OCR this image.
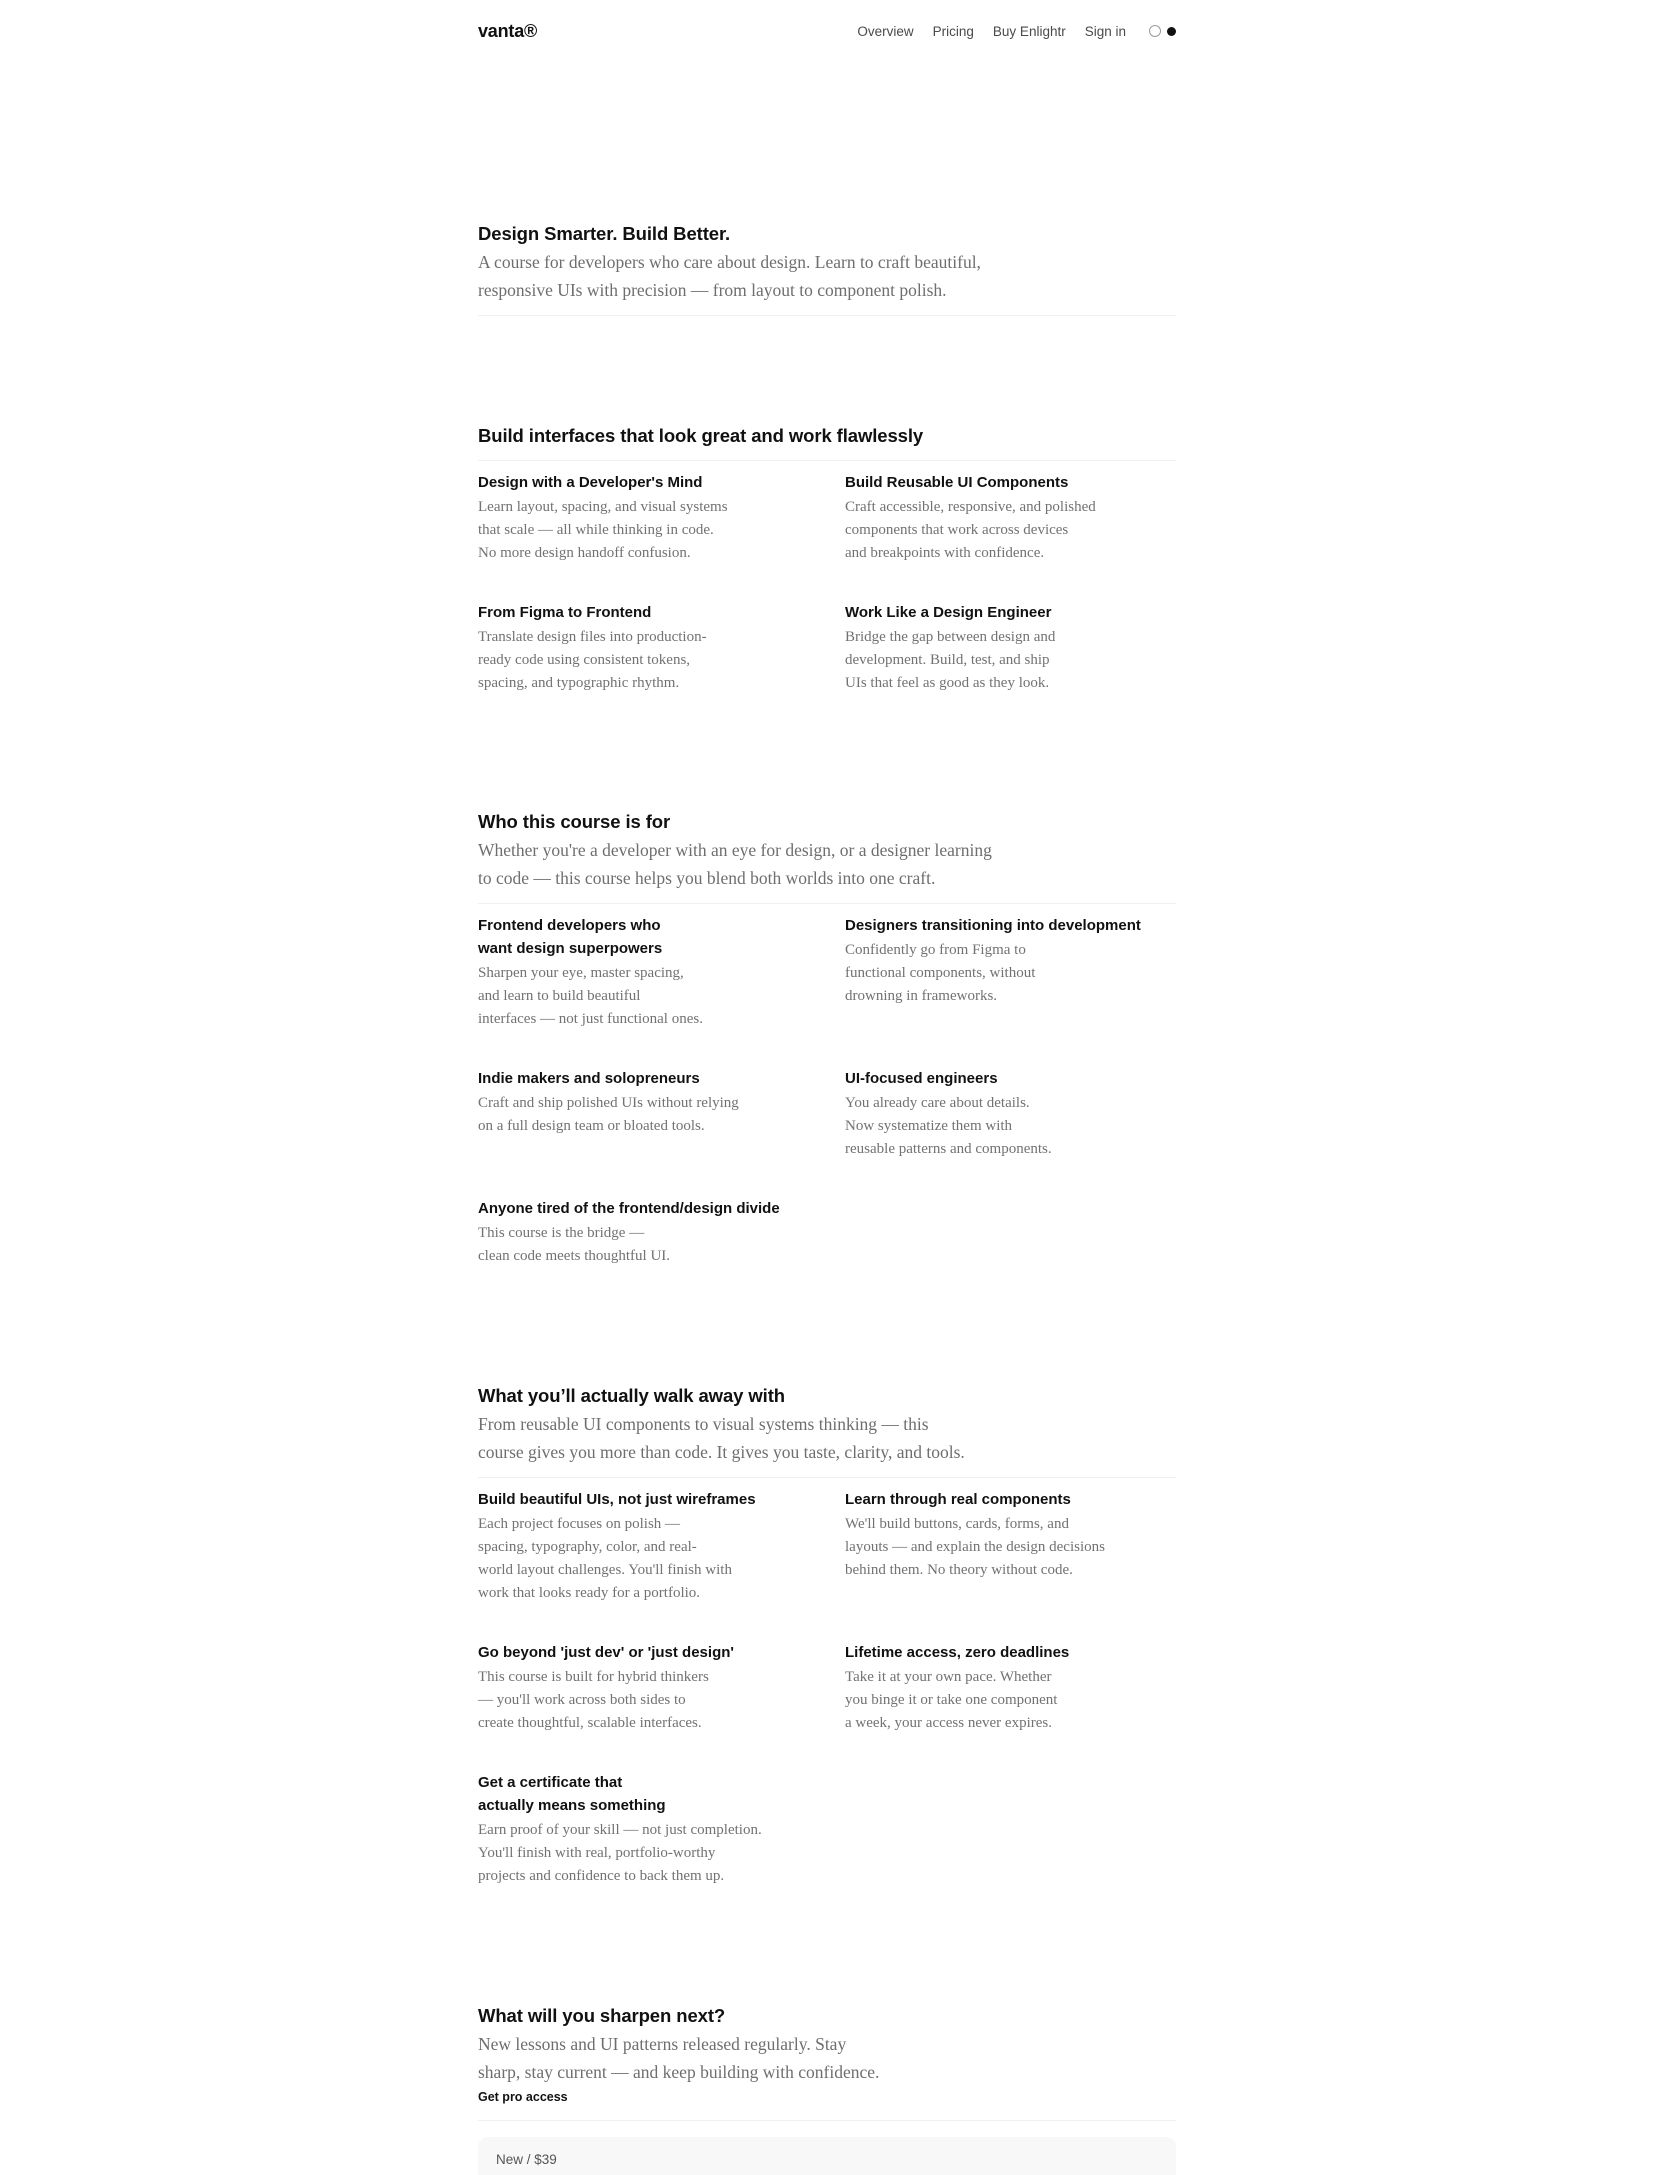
vanta®	Overview Pricing Buy Enlightr Sign in
Design Smarter. Build Better.

A course for developers who care about design. Learn to craft beautiful,
responsive UIs with precision — from layout to component polish.

Build interfaces that look great and work flawlessly
Design with a Developer's Mind
Learn layout, spacing, and visual systems
that scale — all while thinking in code.
No more design handoff confusion.
Build Reusable UI Components
Craft accessible, responsive, and polished
components that work across devices
and breakpoints with confidence.
From Figma to Frontend
Translate design files into production-
ready code using consistent tokens,
spacing, and typographic rhythm.
Work Like a Design Engineer
Bridge the gap between design and
development. Build, test, and ship
UIs that feel as good as they look.
Who this course is for

Whether you're a developer with an eye for design, or a designer learning
to code — this course helps you blend both worlds into one craft.

Frontend developers who
want design superpowers
Sharpen your eye, master spacing,
and learn to build beautiful
interfaces — not just functional ones.
Designers transitioning into development
Confidently go from Figma to
functional components, without
drowning in frameworks.
Indie makers and solopreneurs
Craft and ship polished UIs without relying
on a full design team or bloated tools.
UI-focused engineers
You already care about details.
Now systematize them with
reusable patterns and components.
Anyone tired of the frontend/design divide
This course is the bridge —
clean code meets thoughtful UI.
What you’ll actually walk away with

From reusable UI components to visual systems thinking — this
course gives you more than code. It gives you taste, clarity, and tools.

Build beautiful UIs, not just wireframes
Each project focuses on polish —
spacing, typography, color, and real-
world layout challenges. You'll finish with
work that looks ready for a portfolio.
Learn through real components
We'll build buttons, cards, forms, and
layouts — and explain the design decisions
behind them. No theory without code.
Go beyond 'just dev' or 'just design'
This course is built for hybrid thinkers
— you'll work across both sides to
create thoughtful, scalable interfaces.
Lifetime access, zero deadlines
Take it at your own pace. Whether
you binge it or take one component
a week, your access never expires.
Get a certificate that
actually means something
Earn proof of your skill — not just completion.
You'll finish with real, portfolio-worthy
projects and confidence to back them up.
What will you sharpen next?

New lessons and UI patterns released regularly. Stay
sharp, stay current — and keep building with confidence.

Get pro access
New / $39
